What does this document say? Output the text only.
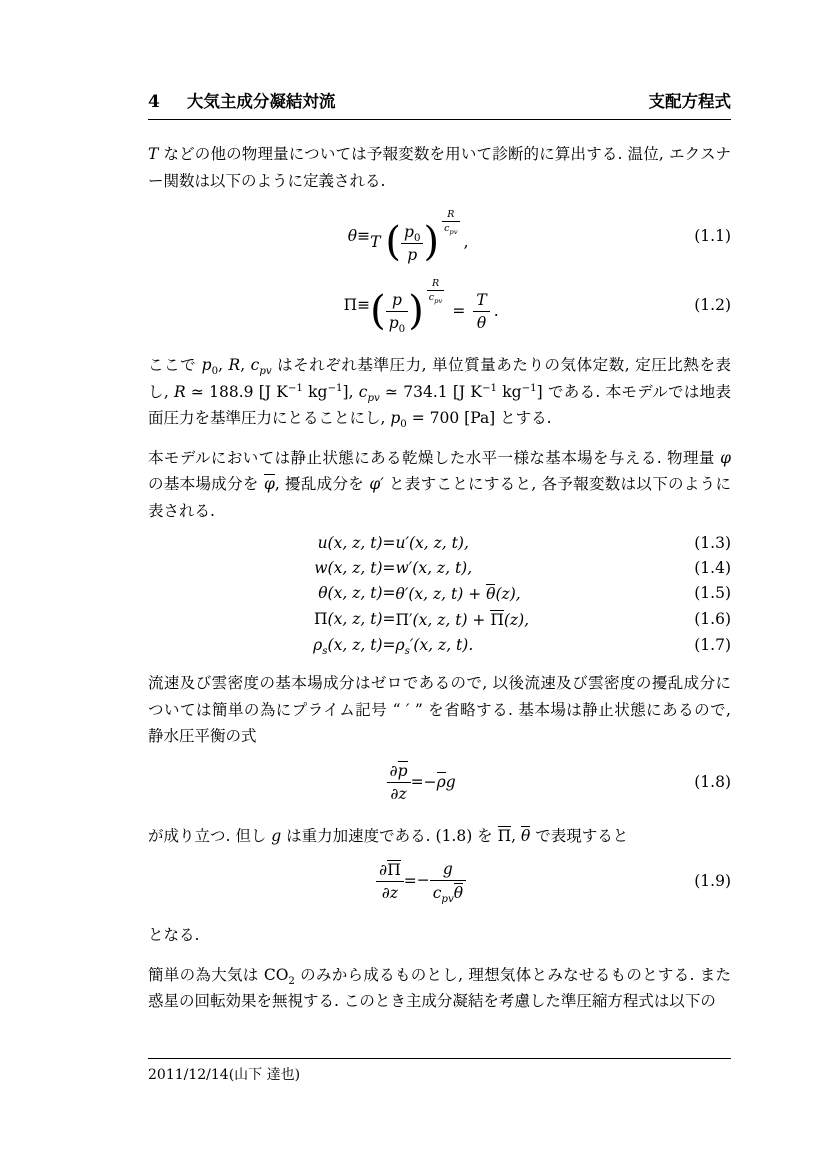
4 大気主成分凝結対流	支配方程式

T などの他の物理量については予報変数を用いて診断的に算出する. 温位, エクスナー関数は以下のように定義される.

	θ	≡	T ( $\frac{p_0}{p}$ )
R
$c_{pv}$
,		(1.1)
	Π	≡	( $\frac{p}{p_0}$ )
R
$c_{pv}$
= $\frac{T}{\theta}$ .		(1.2)

ここで $p_0$, R, $c_{pv}$ はそれぞれ基準圧力, 単位質量あたりの気体定数, 定圧比熱を表し, R ≃ 188.9 [J $K^{-1}$ $kg^{-1}$], $c_{pv}$ ≃ 734.1 [J $K^{-1}$ $kg^{-1}$] である. 本モデルでは地表面圧力を基準圧力にとることにし, $p_0 = 700$ [Pa] とする.

本モデルにおいては静止状態にある乾燥した水平一様な基本場を与える. 物理量 φ の基本場成分を φ, 擾乱成分を φ′ と表すことにすると, 各予報変数は以下のように表される.

	u(x, z, t)	=	u′(x, z, t),		(1.3)
	w(x, z, t)	=	w′(x, z, t),		(1.4)
	θ(x, z, t)	=	θ′(x, z, t) + θ(z),		(1.5)
	Π(x, z, t)	=	Π′(x, z, t) + Π(z),		(1.6)
	$\rho_s(x$, z, t)	=	$\rho_s'(x$, z, t).		(1.7)

流速及び雲密度の基本場成分はゼロであるので, 以後流速及び雲密度の擾乱成分については簡単の為にプライム記号 “ ′ ” を省略する. 基本場は静止状態にあるので, 静水圧平衡の式

$\frac{\partial p}{\partial z}$	=	−ρg		(1.8)

が成り立つ. 但し g は重力加速度である. (1.8) を Π, θ で表現すると

$\frac{\partial\Pi}{\partial z}$	=	− $\frac{g}{c_{pv}\theta}$		(1.9)

となる.

簡単の為大気は $CO_2$ のみから成るものとし, 理想気体とみなせるものとする. また惑星の回転効果を無視する. このとき主成分凝結を考慮した準圧縮方程式は以下の

2011/12/14(山下 達也)
